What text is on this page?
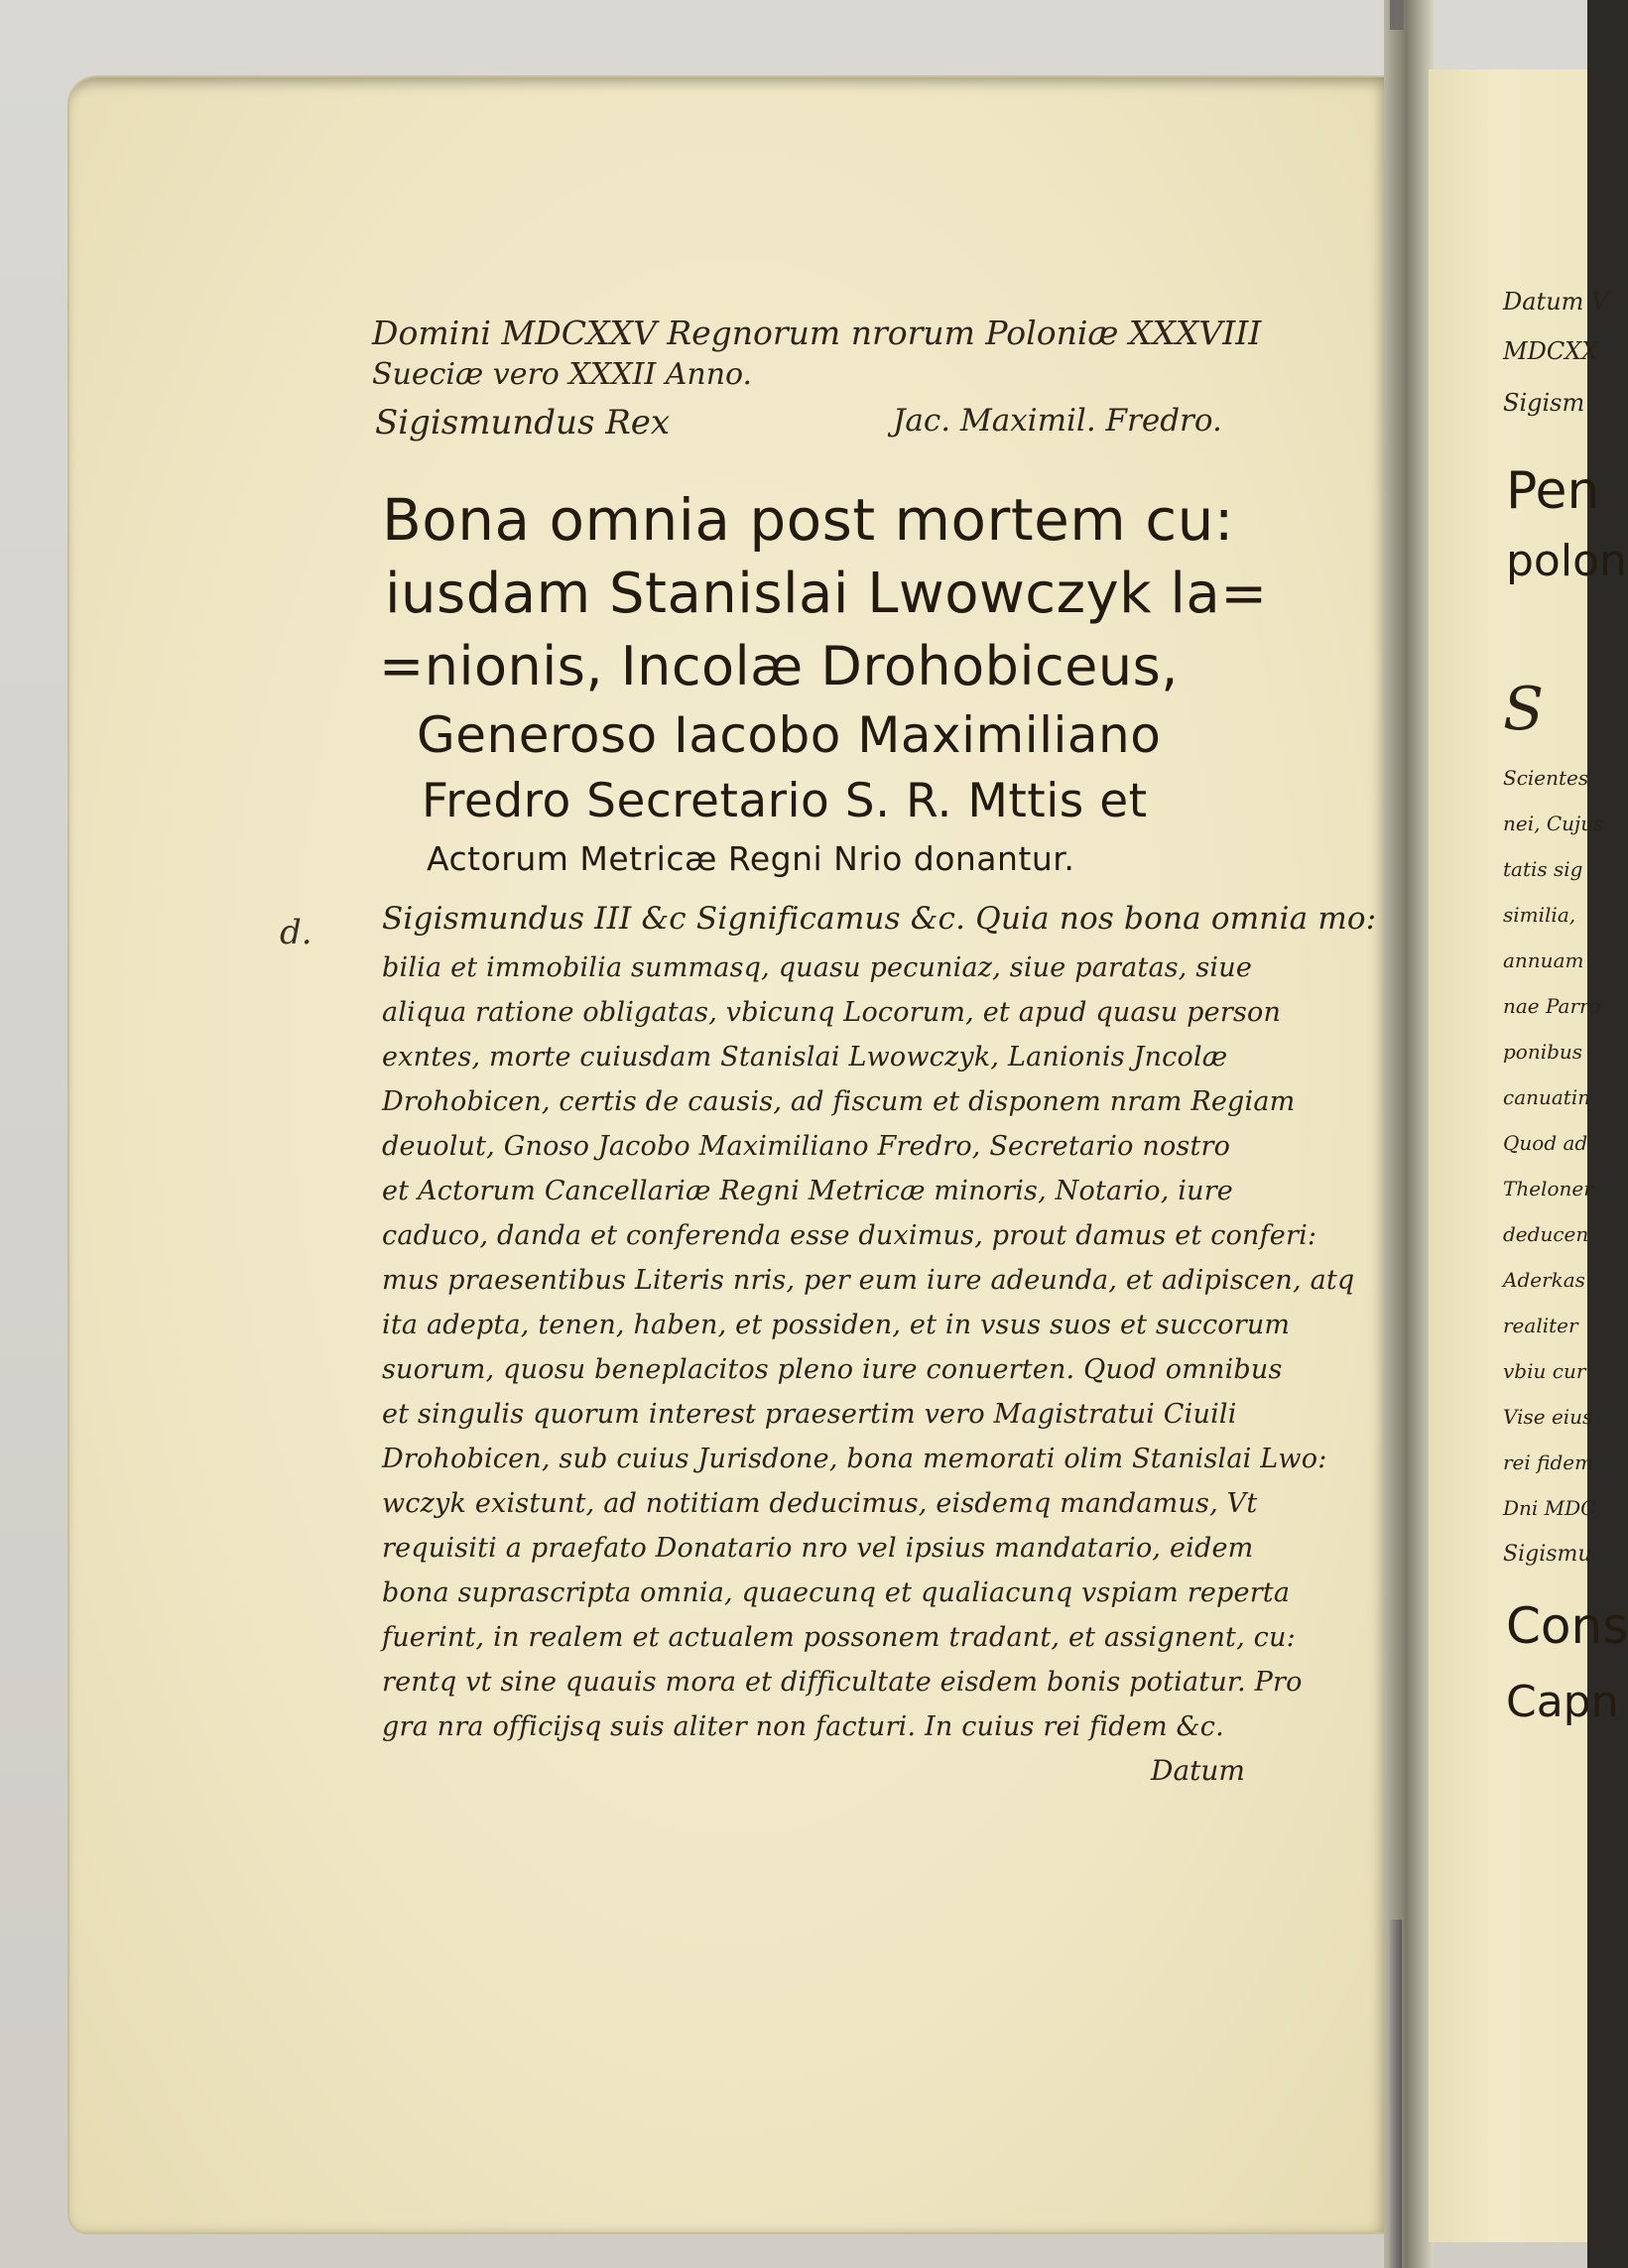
Domini MDCXXV Regnorum nrorum Poloniæ XXXVIII
Sueciæ vero XXXII Anno.
Sigismundus Rex	Jac. Maximil. Fredro.
Bona omnia post mortem cu:
iusdam Stanislai Lwowczyk la=
=nionis, Incolæ Drohobiceus,
Generoso Iacobo Maximiliano
Fredro Secretario S. R. Mttis et
Actorum Metricæ Regni Nrio donantur.
d. Sigismundus III &c Significamus &c. Quia nos bona omnia mo:
bilia et immobilia summasq, quasu pecuniaz, siue paratas, siue
aliqua ratione obligatas, vbicunq Locorum, et apud quasu person
exntes, morte cuiusdam Stanislai Lwowczyk, Lanionis Jncolæ
Drohobicen, certis de causis, ad fiscum et disponem nram Regiam
deuolut, Gnoso Jacobo Maximiliano Fredro, Secretario nostro
et Actorum Cancellariæ Regni Metricæ minoris, Notario, iure
caduco, danda et conferenda esse duximus, prout damus et conferi:
mus praesentibus Literis nris, per eum iure adeunda, et adipiscen, atq
ita adepta, tenen, haben, et possiden, et in vsus suos et succorum
suorum, quosu beneplacitos pleno iure conuerten. Quod omnibus
et singulis quorum interest praesertim vero Magistratui Ciuili
Drohobicen, sub cuius Jurisdone, bona memorati olim Stanislai Lwo:
wczyk existunt, ad notitiam deducimus, eisdemq mandamus, Vt
requisiti a praefato Donatario nro vel ipsius mandatario, eidem
bona suprascripta omnia, quaecunq et qualiacunq vspiam reperta
fuerint, in realem et actualem possonem tradant, et assignent, cu:
rentq vt sine quauis mora et difficultate eisdem bonis potiatur. Pro
gra nra officijsq suis aliter non facturi. In cuius rei fidem &c.
Datum
Datum V
MDCXX
Sigism
Pen
polon
S
Scientes
nei, Cujus
tatis sig
similia,
annuam
nae Parro
ponibus
canuatin
Quod ad
Theloner
deducen
Aderkas
realiter
vbiu cur
Vise eius
rei fidem
Dni MDC
Sigismu
Cons
Capn
